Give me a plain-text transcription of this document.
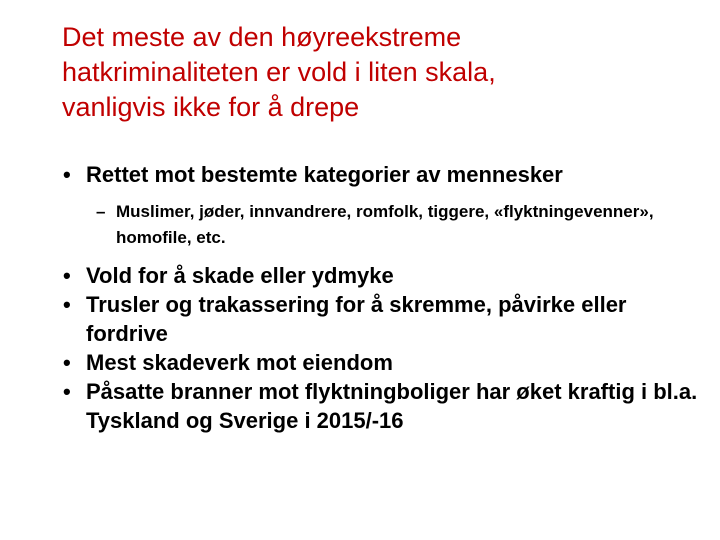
Det meste av den høyreekstreme
hatkriminaliteten er vold i liten skala,
vanligvis ikke for å drepe
• Rettet mot bestemte kategorier av mennesker
– Muslimer, jøder, innvandrere, romfolk, tiggere, «flyktningevenner», homofile, etc.
• Vold for å skade eller ydmyke
• Trusler og trakassering for å skremme, påvirke eller fordrive
• Mest skadeverk mot eiendom
• Påsatte branner mot flyktningboliger har øket kraftig i bl.a. Tyskland og Sverige i 2015/-16
